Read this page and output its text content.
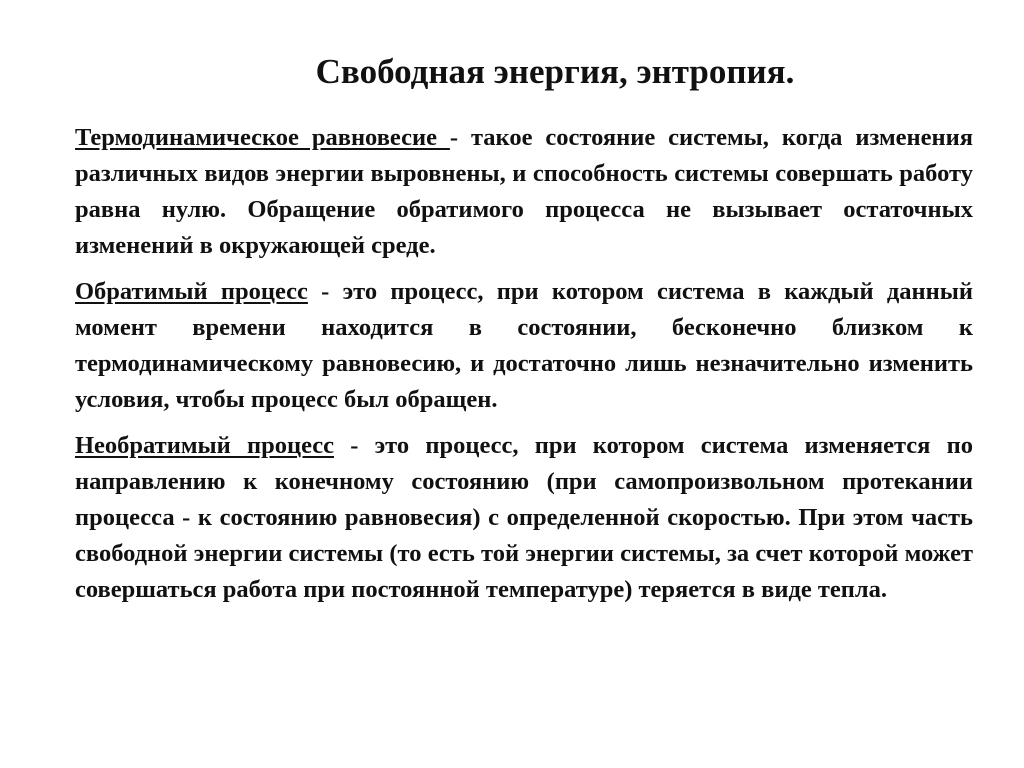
Свободная энергия, энтропия.

Термодинамическое равновесие - такое состояние системы, когда изменения различных видов энергии выровнены, и способность системы совершать работу равна нулю. Обращение обратимого процесса не вызывает остаточных изменений в окружающей среде.

Обратимый процесс - это процесс, при котором система в каждый данный момент времени находится в состоянии, бесконечно близком к термодинамическому равновесию, и достаточно лишь незначительно изменить условия, чтобы процесс был обращен.

Необратимый процесс - это процесс, при котором система изменяется по направлению к конечному состоянию (при самопроизвольном протекании процесса - к состоянию равновесия) с определенной скоростью. При этом часть свободной энергии системы (то есть той энергии системы, за счет которой может совершаться работа при постоянной температуре) теряется в виде тепла.
